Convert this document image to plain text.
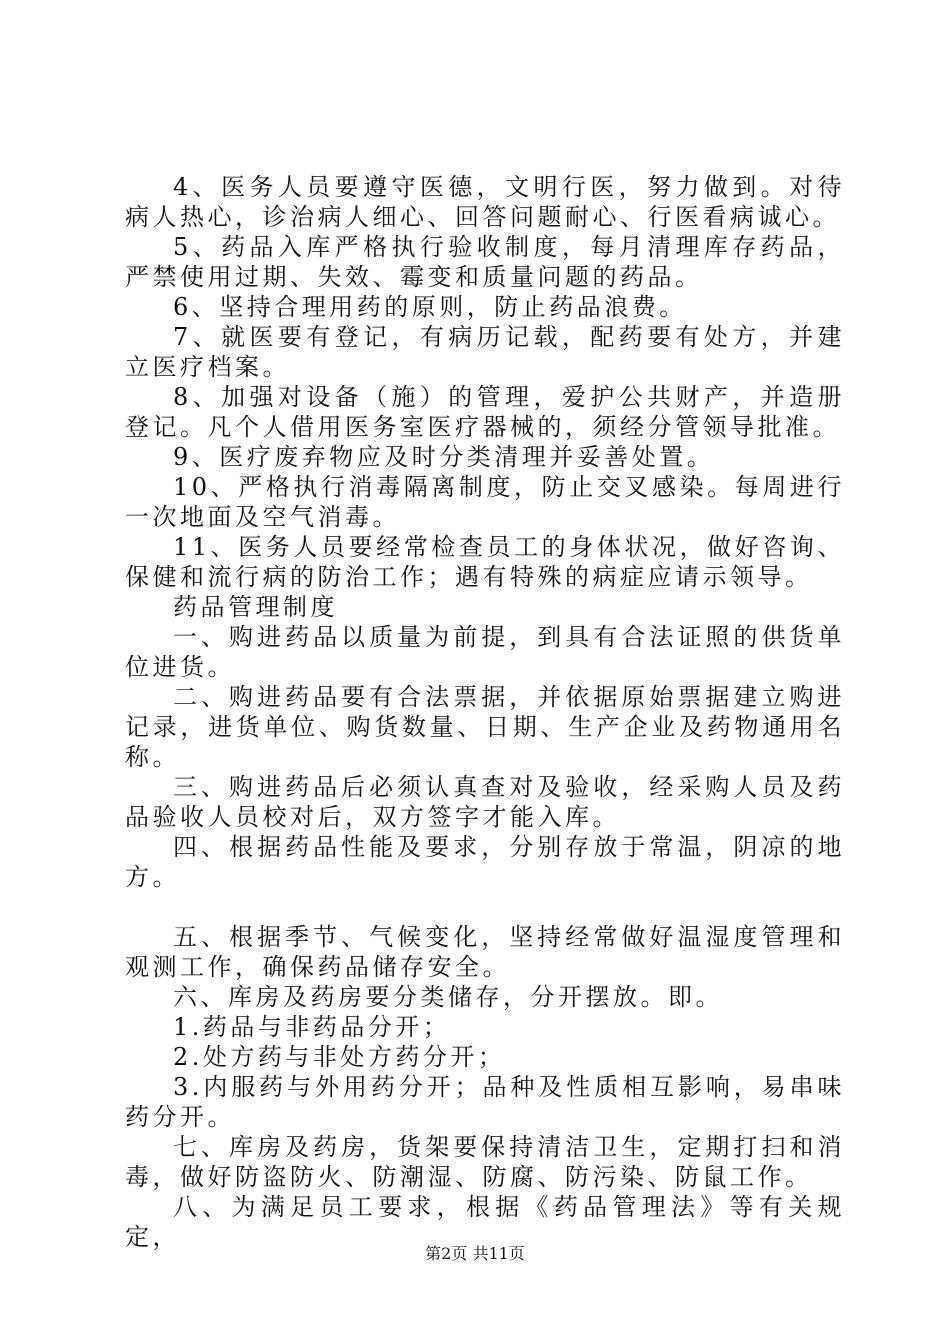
4、医务人员要遵守医德，文明行医，努力做到。对待病人热心，诊治病人细心、回答问题耐心、行医看病诚心。

5、药品入库严格执行验收制度，每月清理库存药品，严禁使用过期、失效、霉变和质量问题的药品。

6、坚持合理用药的原则，防止药品浪费。

7、就医要有登记，有病历记载，配药要有处方，并建立医疗档案。

8、加强对设备（施）的管理，爱护公共财产，并造册登记。凡个人借用医务室医疗器械的，须经分管领导批准。

9、医疗废弃物应及时分类清理并妥善处置。

10、严格执行消毒隔离制度，防止交叉感染。每周进行一次地面及空气消毒。

11、医务人员要经常检查员工的身体状况，做好咨询、保健和流行病的防治工作；遇有特殊的病症应请示领导。

药品管理制度

一、购进药品以质量为前提，到具有合法证照的供货单位进货。

二、购进药品要有合法票据，并依据原始票据建立购进记录，进货单位、购货数量、日期、生产企业及药物通用名称。

三、购进药品后必须认真查对及验收，经采购人员及药品验收人员校对后，双方签字才能入库。

四、根据药品性能及要求，分别存放于常温，阴凉的地方。

五、根据季节、气候变化，坚持经常做好温湿度管理和观测工作，确保药品储存安全。

六、库房及药房要分类储存，分开摆放。即。

1.药品与非药品分开；

2.处方药与非处方药分开；

3.内服药与外用药分开；品种及性质相互影响，易串味药分开。

七、库房及药房，货架要保持清洁卫生，定期打扫和消毒，做好防盗防火、防潮湿、防腐、防污染、防鼠工作。

八、为满足员工要求，根据《药品管理法》等有关规定，

第2页 共11页
